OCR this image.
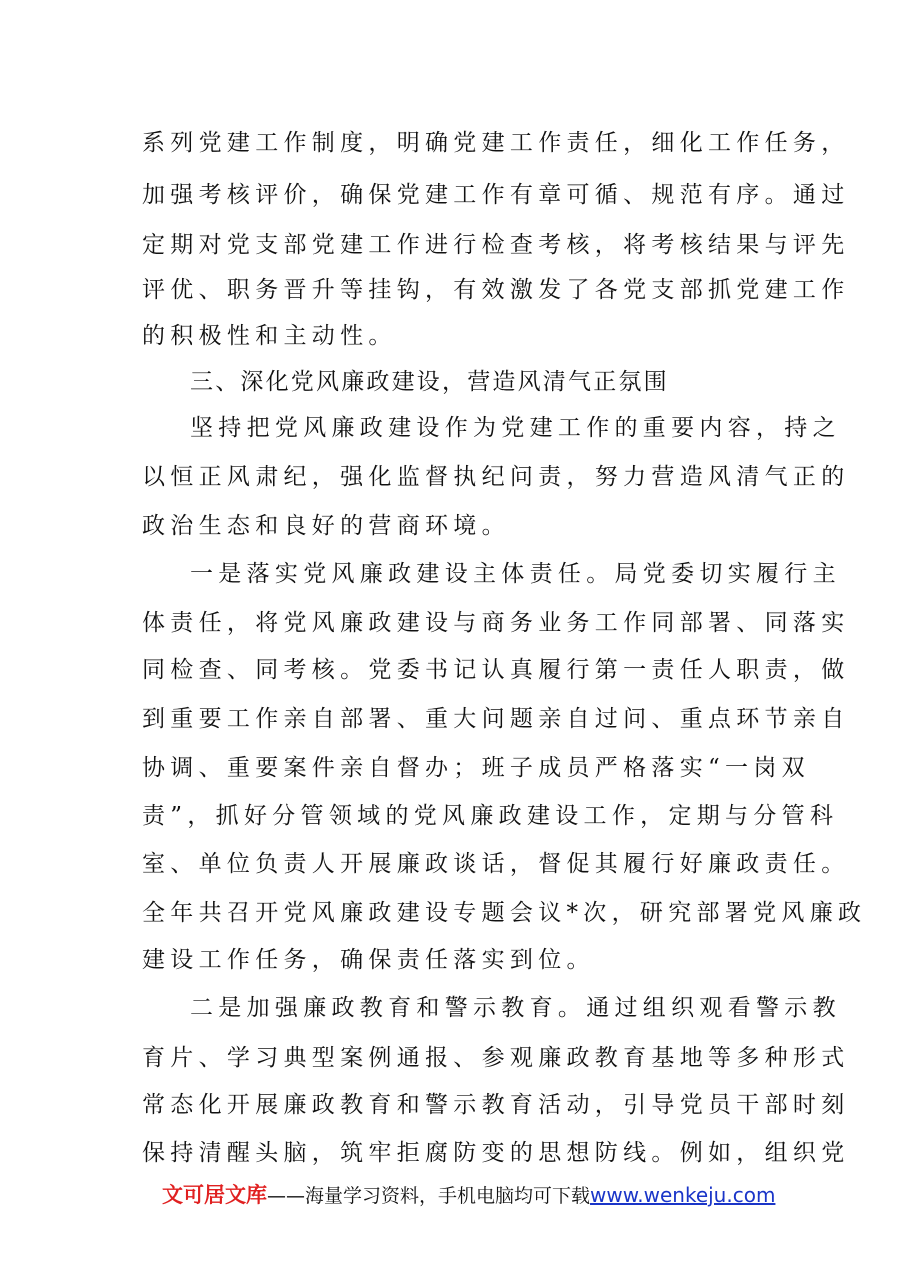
系列党建工作制度，明确党建工作责任，细化工作任务，
加强考核评价，确保党建工作有章可循、规范有序。通过
定期对党支部党建工作进行检查考核，将考核结果与评先
评优、职务晋升等挂钩，有效激发了各党支部抓党建工作
的积极性和主动性。
三、深化党风廉政建设，营造风清气正氛围
坚持把党风廉政建设作为党建工作的重要内容，持之
以恒正风肃纪，强化监督执纪问责，努力营造风清气正的
政治生态和良好的营商环境。
一是落实党风廉政建设主体责任。局党委切实履行主
体责任，将党风廉政建设与商务业务工作同部署、同落实
同检查、同考核。党委书记认真履行第一责任人职责，做
到重要工作亲自部署、重大问题亲自过问、重点环节亲自
协调、重要案件亲自督办；班子成员严格落实“一岗双
责”，抓好分管领域的党风廉政建设工作，定期与分管科
室、单位负责人开展廉政谈话，督促其履行好廉政责任。
全年共召开党风廉政建设专题会议*次，研究部署党风廉政
建设工作任务，确保责任落实到位。
二是加强廉政教育和警示教育。通过组织观看警示教
育片、学习典型案例通报、参观廉政教育基地等多种形式
常态化开展廉政教育和警示教育活动，引导党员干部时刻
保持清醒头脑，筑牢拒腐防变的思想防线。例如，组织党
文可居文库——海量学习资料，手机电脑均可下载www.wenkeju.com
